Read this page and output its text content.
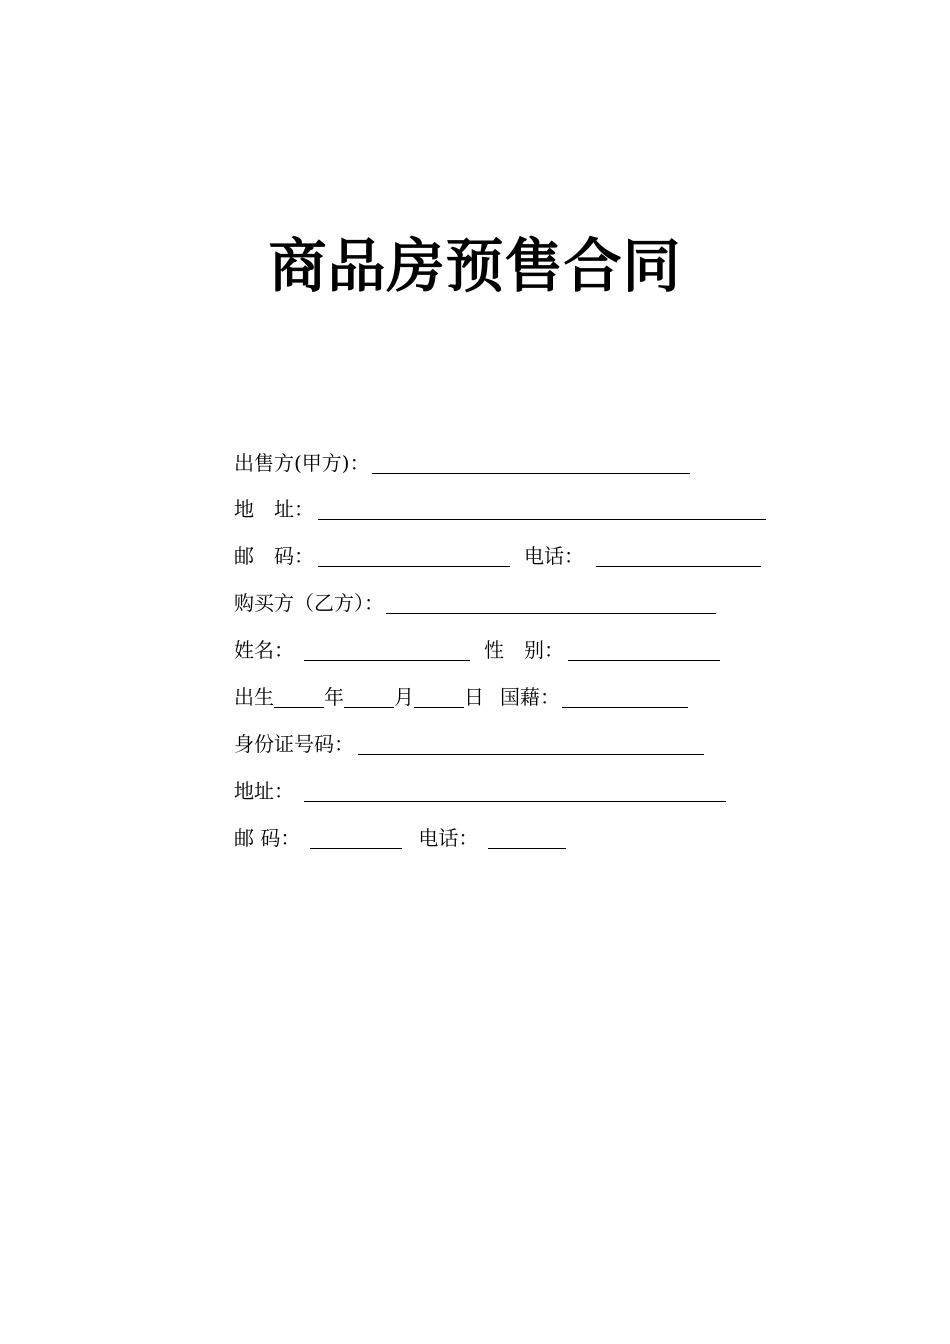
商品房预售合同
出售方(甲方)：
地　址：
邮　码：	电话：
购买方（乙方）：
姓名：	性　别：
出生	年	月	日 国藉：
身份证号码：
地址：
邮 码：	电话：
